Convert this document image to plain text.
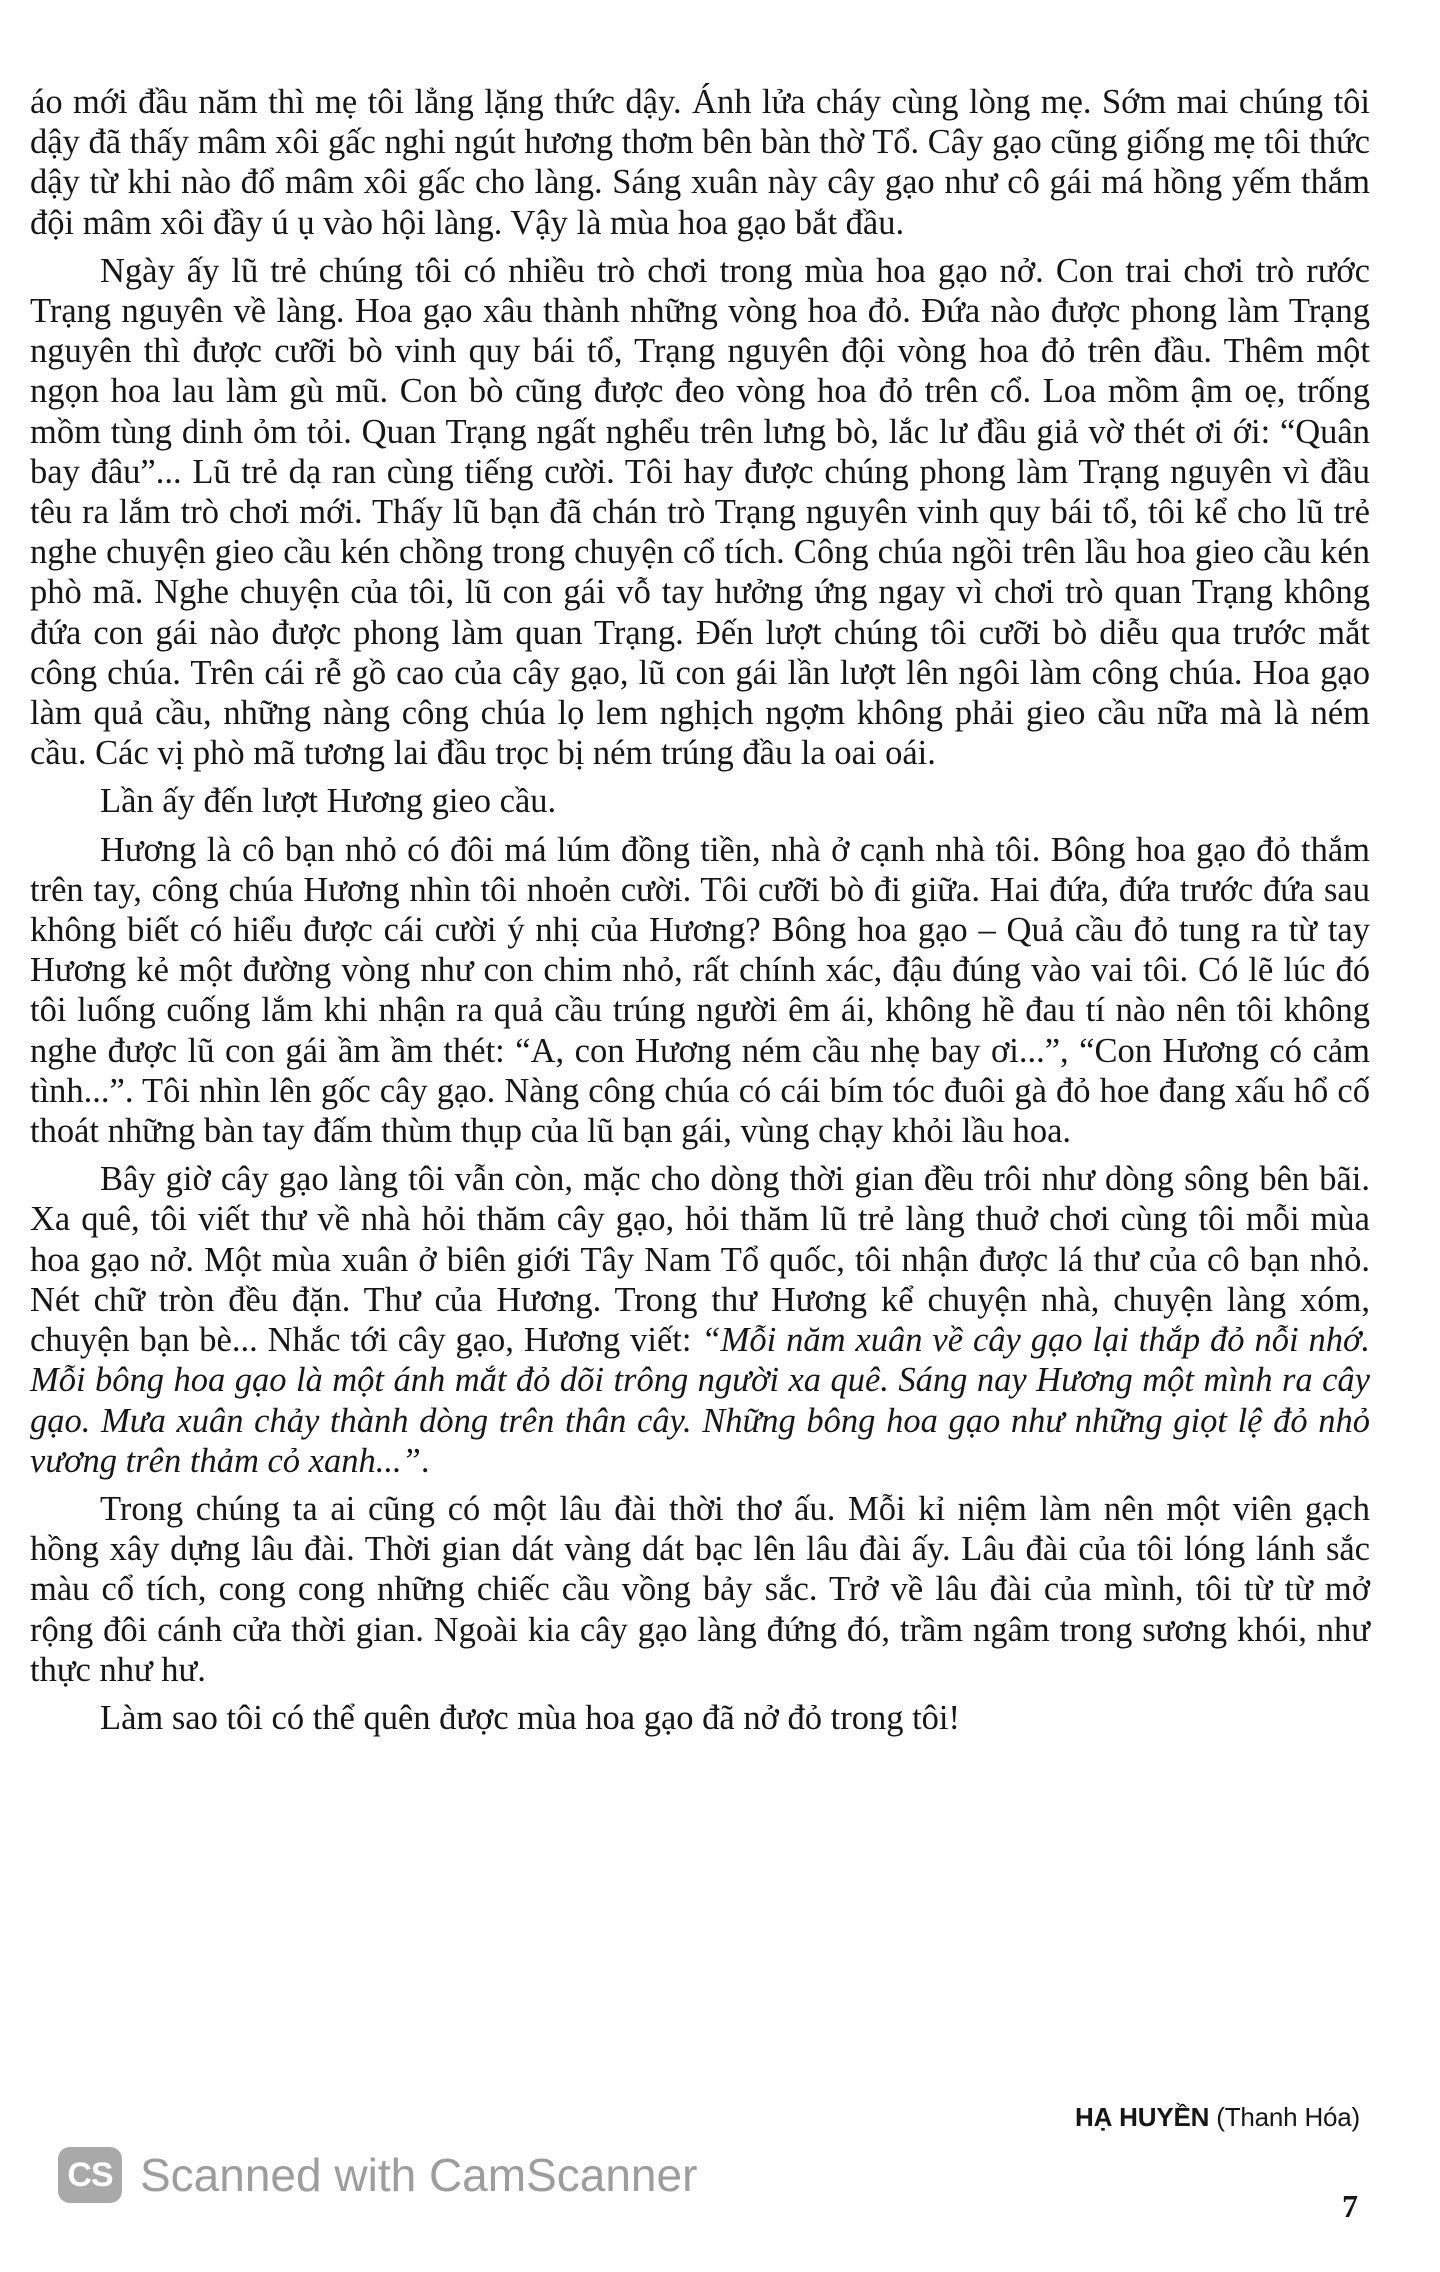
áo mới đầu năm thì mẹ tôi lẳng lặng thức dậy. Ánh lửa cháy cùng lòng mẹ. Sớm mai chúng tôi dậy đã thấy mâm xôi gấc nghi ngút hương thơm bên bàn thờ Tổ. Cây gạo cũng giống mẹ tôi thức dậy từ khi nào đổ mâm xôi gấc cho làng. Sáng xuân này cây gạo như cô gái má hồng yếm thắm đội mâm xôi đầy ú ụ vào hội làng. Vậy là mùa hoa gạo bắt đầu.

Ngày ấy lũ trẻ chúng tôi có nhiều trò chơi trong mùa hoa gạo nở. Con trai chơi trò rước Trạng nguyên về làng. Hoa gạo xâu thành những vòng hoa đỏ. Đứa nào được phong làm Trạng nguyên thì được cưỡi bò vinh quy bái tổ, Trạng nguyên đội vòng hoa đỏ trên đầu. Thêm một ngọn hoa lau làm gù mũ. Con bò cũng được đeo vòng hoa đỏ trên cổ. Loa mồm ậm oẹ, trống mồm tùng dinh ỏm tỏi. Quan Trạng ngất nghểu trên lưng bò, lắc lư đầu giả vờ thét ơi ới: “Quân bay đâu”... Lũ trẻ dạ ran cùng tiếng cười. Tôi hay được chúng phong làm Trạng nguyên vì đầu têu ra lắm trò chơi mới. Thấy lũ bạn đã chán trò Trạng nguyên vinh quy bái tổ, tôi kể cho lũ trẻ nghe chuyện gieo cầu kén chồng trong chuyện cổ tích. Công chúa ngồi trên lầu hoa gieo cầu kén phò mã. Nghe chuyện của tôi, lũ con gái vỗ tay hưởng ứng ngay vì chơi trò quan Trạng không đứa con gái nào được phong làm quan Trạng. Đến lượt chúng tôi cưỡi bò diễu qua trước mắt công chúa. Trên cái rễ gồ cao của cây gạo, lũ con gái lần lượt lên ngôi làm công chúa. Hoa gạo làm quả cầu, những nàng công chúa lọ lem nghịch ngợm không phải gieo cầu nữa mà là ném cầu. Các vị phò mã tương lai đầu trọc bị ném trúng đầu la oai oái.

Lần ấy đến lượt Hương gieo cầu.

Hương là cô bạn nhỏ có đôi má lúm đồng tiền, nhà ở cạnh nhà tôi. Bông hoa gạo đỏ thắm trên tay, công chúa Hương nhìn tôi nhoẻn cười. Tôi cưỡi bò đi giữa. Hai đứa, đứa trước đứa sau không biết có hiểu được cái cười ý nhị của Hương? Bông hoa gạo – Quả cầu đỏ tung ra từ tay Hương kẻ một đường vòng như con chim nhỏ, rất chính xác, đậu đúng vào vai tôi. Có lẽ lúc đó tôi luống cuống lắm khi nhận ra quả cầu trúng người êm ái, không hề đau tí nào nên tôi không nghe được lũ con gái ầm ầm thét: “A, con Hương ném cầu nhẹ bay ơi...”, “Con Hương có cảm tình...”. Tôi nhìn lên gốc cây gạo. Nàng công chúa có cái bím tóc đuôi gà đỏ hoe đang xấu hổ cố thoát những bàn tay đấm thùm thụp của lũ bạn gái, vùng chạy khỏi lầu hoa.

Bây giờ cây gạo làng tôi vẫn còn, mặc cho dòng thời gian đều trôi như dòng sông bên bãi. Xa quê, tôi viết thư về nhà hỏi thăm cây gạo, hỏi thăm lũ trẻ làng thuở chơi cùng tôi mỗi mùa hoa gạo nở. Một mùa xuân ở biên giới Tây Nam Tổ quốc, tôi nhận được lá thư của cô bạn nhỏ. Nét chữ tròn đều đặn. Thư của Hương. Trong thư Hương kể chuyện nhà, chuyện làng xóm, chuyện bạn bè... Nhắc tới cây gạo, Hương viết: “Mỗi năm xuân về cây gạo lại thắp đỏ nỗi nhớ. Mỗi bông hoa gạo là một ánh mắt đỏ dõi trông người xa quê. Sáng nay Hương một mình ra cây gạo. Mưa xuân chảy thành dòng trên thân cây. Những bông hoa gạo như những giọt lệ đỏ nhỏ vương trên thảm cỏ xanh...”.

Trong chúng ta ai cũng có một lâu đài thời thơ ấu. Mỗi kỉ niệm làm nên một viên gạch hồng xây dựng lâu đài. Thời gian dát vàng dát bạc lên lâu đài ấy. Lâu đài của tôi lóng lánh sắc màu cổ tích, cong cong những chiếc cầu vồng bảy sắc. Trở về lâu đài của mình, tôi từ từ mở rộng đôi cánh cửa thời gian. Ngoài kia cây gạo làng đứng đó, trầm ngâm trong sương khói, như thực như hư.

Làm sao tôi có thể quên được mùa hoa gạo đã nở đỏ trong tôi!

HẠ HUYỀN (Thanh Hóa)
CS Scanned with CamScanner
7
